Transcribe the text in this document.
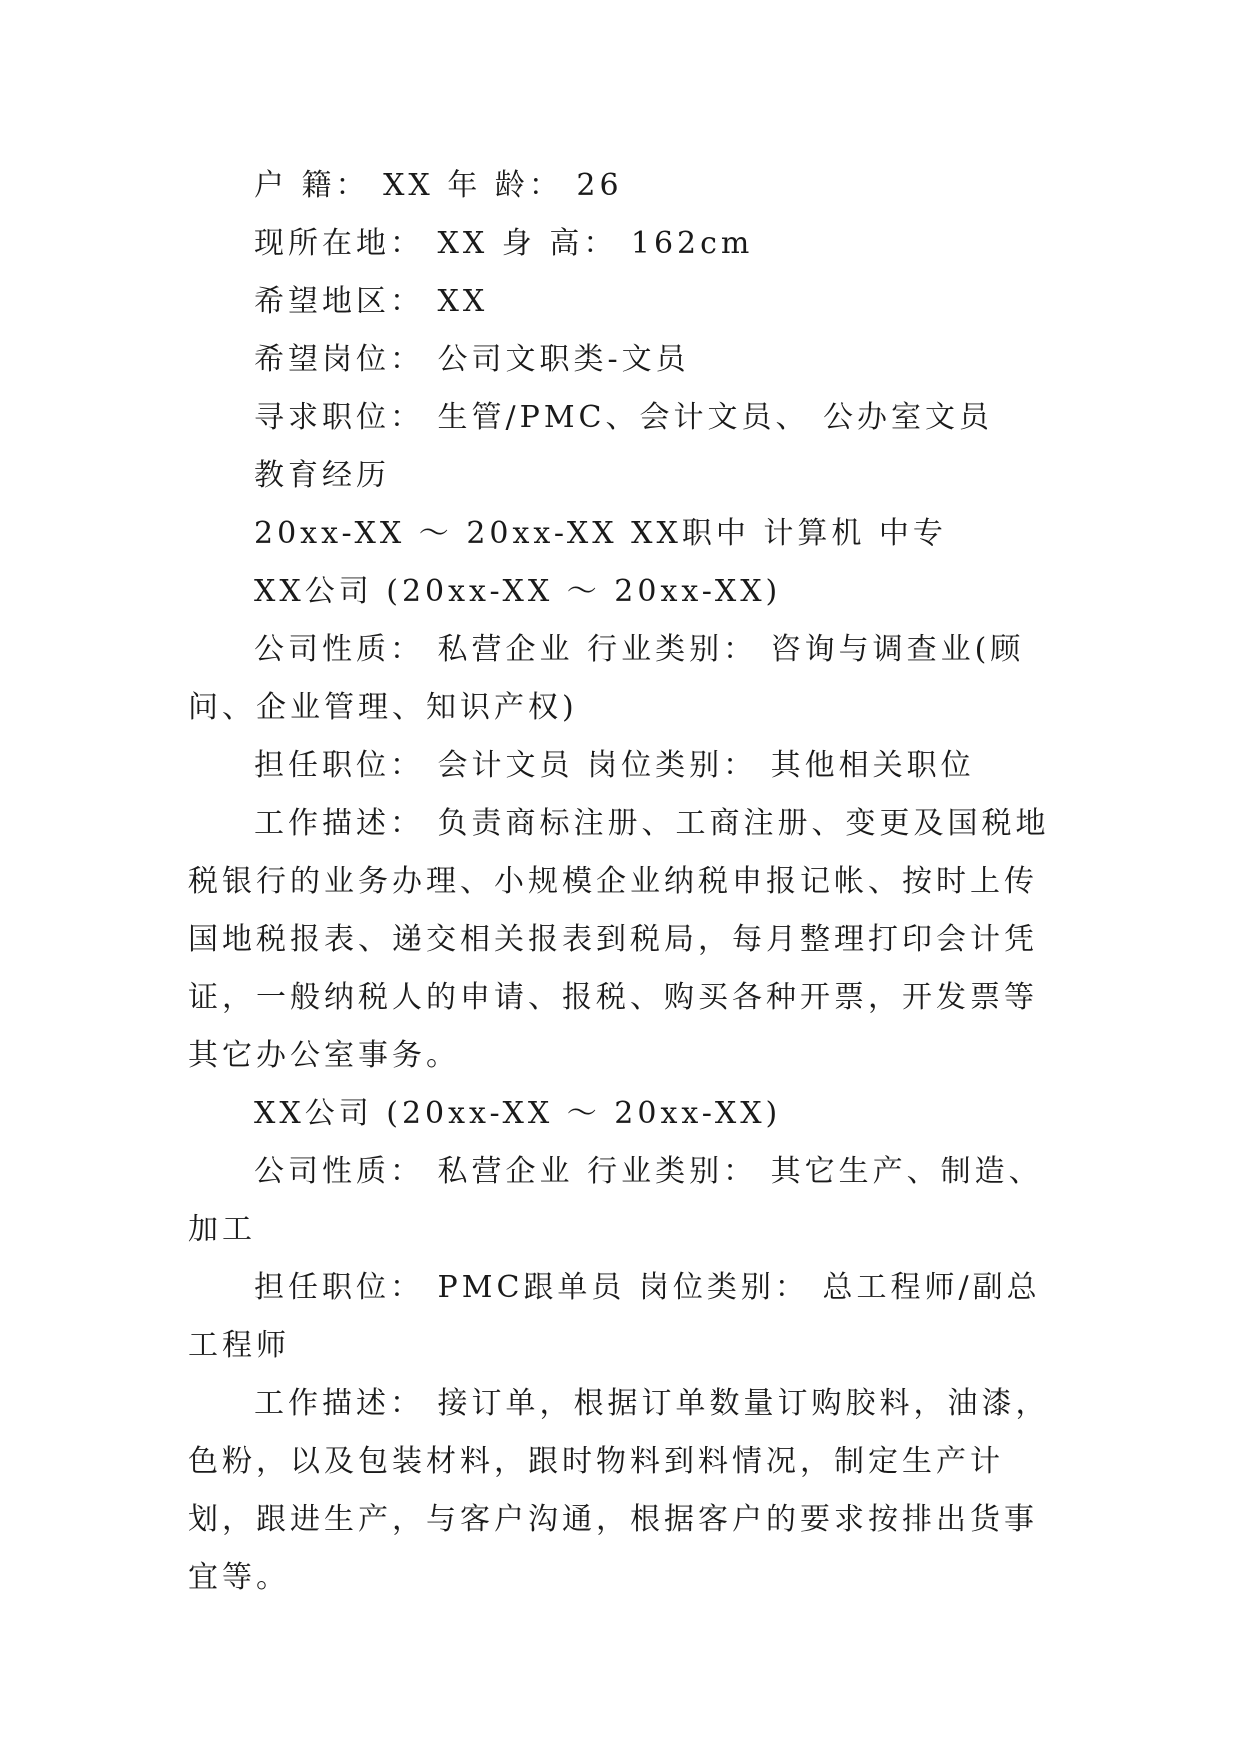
户 籍： XX 年 龄： 26

现所在地： XX 身 高： 162cm

希望地区： XX

希望岗位： 公司文职类-文员

寻求职位： 生管/PMC、会计文员、 公办室文员

教育经历

20xx-XX ～ 20xx-XX XX职中 计算机 中专

XX公司 (20xx-XX ～ 20xx-XX)

公司性质： 私营企业 行业类别： 咨询与调查业(顾问、企业管理、知识产权)

担任职位： 会计文员 岗位类别： 其他相关职位

工作描述： 负责商标注册、工商注册、变更及国税地税银行的业务办理、小规模企业纳税申报记帐、按时上传国地税报表、递交相关报表到税局，每月整理打印会计凭证，一般纳税人的申请、报税、购买各种开票，开发票等其它办公室事务。

XX公司 (20xx-XX ～ 20xx-XX)

公司性质： 私营企业 行业类别： 其它生产、制造、加工

担任职位： PMC跟单员 岗位类别： 总工程师/副总工程师

工作描述： 接订单，根据订单数量订购胶料，油漆，色粉，以及包装材料，跟时物料到料情况，制定生产计划，跟进生产，与客户沟通，根据客户的要求按排出货事宜等。
